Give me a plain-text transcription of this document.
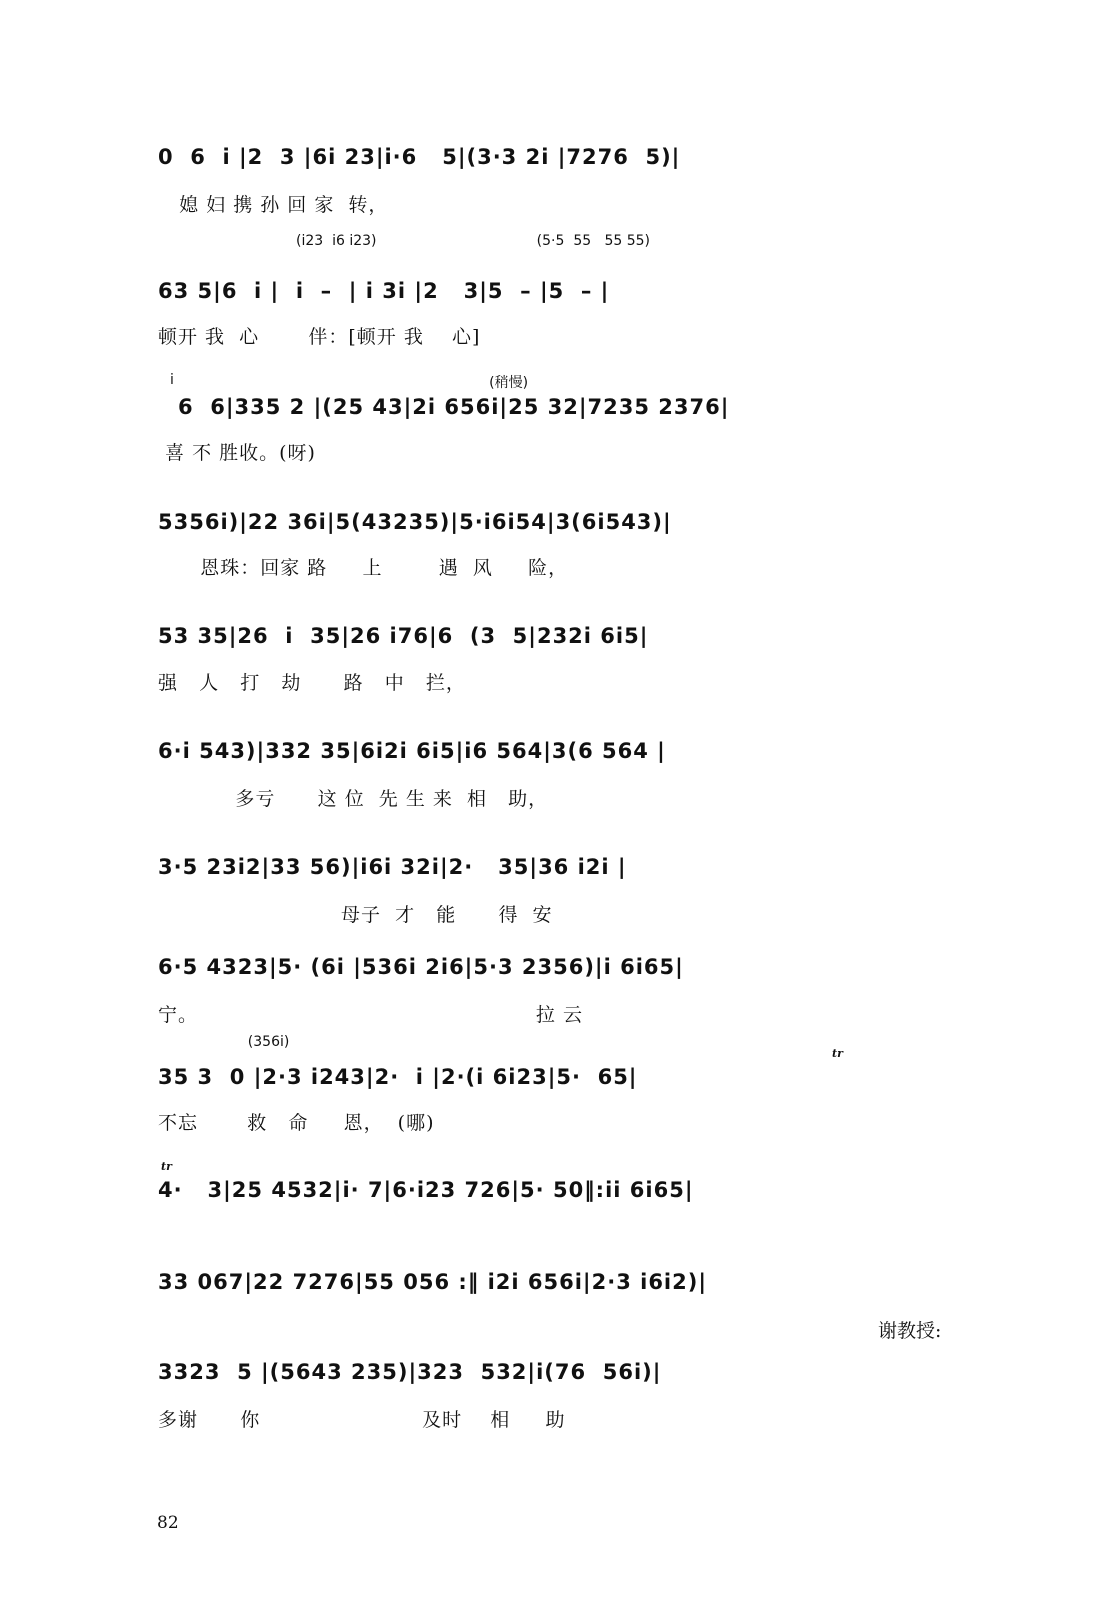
0  6  i |2  3 |6i 23|i·6   5|(3·3 2i |7276  5)|
媳 妇 携 孙 回 家  转，
(i23  i6 i23)                                    (5·5  55   55 55)
63 5|6  i |  i  –  | i 3i |2   3|5  – |5  – |
顿开 我  心       伴：[顿开 我    心]
i	(稍慢)
6  6|335 2 |(25 43|2i 656i|25 32|7235 2376|
喜 不 胜收。(呀)
5356i)|22 36i|5(43235)|5·i6i54|3(6i543)|
恩珠：回家 路     上        遇  风     险，
53 35|26  i  35|26 i76|6  (3  5|232i 6i5|
强   人   打   劫      路   中   拦，
6·i 543)|332 35|6i2i 6i5|i6 564|3(6 564 |
多亏      这 位  先 生 来  相   助，
3·5 23i2|33 56)|i6i 32i|2·   35|36 i2i |
母子  才   能      得  安
6·5 4323|5· (6i |536i 2i6|5·3 2356)|i 6i65|
宁。                                                拉 云
(356i)
tr
35 3  0 |2·3 i243|2·  i |2·(i 6i23|5·  65|
不忘       救   命     恩，  (哪)
tr
4·   3|25 4532|i· 7|6·i23 726|5· 50‖:ii 6i65|
33 067|22 7276|55 056 :‖ i2i 656i|2·3 i6i2)|
谢教授:
3323  5 |(5643 235)|323  532|i(76  56i)|
多谢      你                       及时    相     助
82
